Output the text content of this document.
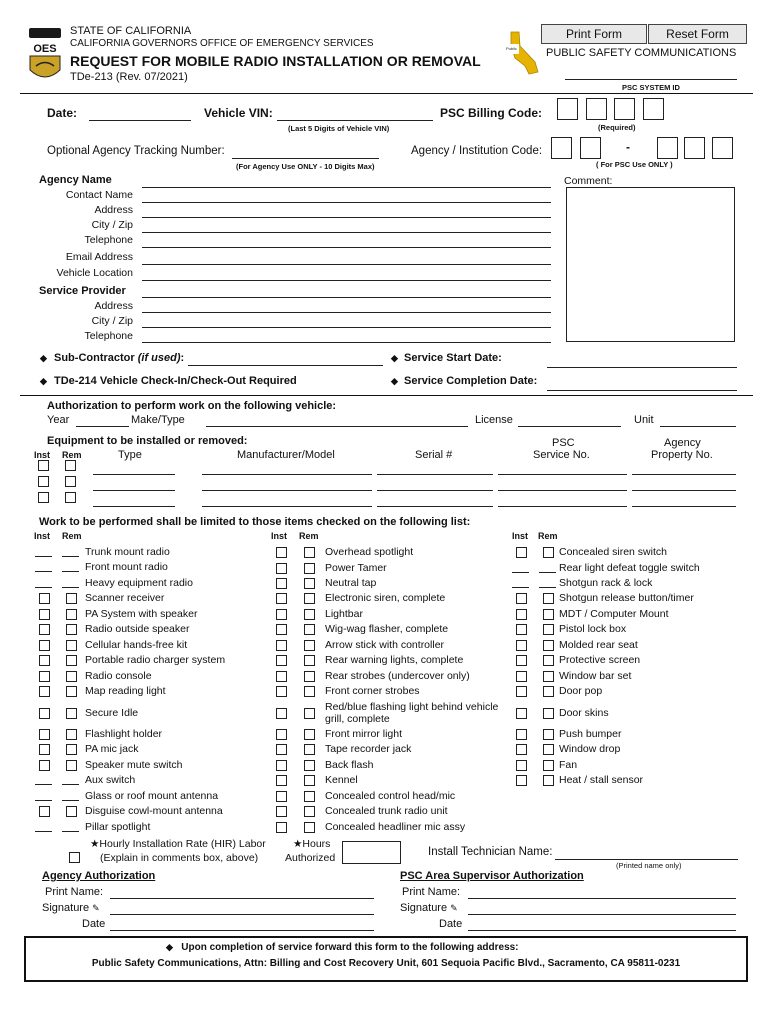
OES
STATE OF CALIFORNIA
CALIFORNIA GOVERNORS OFFICE OF EMERGENCY SERVICES
REQUEST FOR MOBILE RADIO INSTALLATION OR REMOVAL
TDe-213 (Rev. 07/2021)
Public
Print Form	Reset Form
PUBLIC SAFETY COMMUNICATIONS
PSC SYSTEM ID
Date:	Vehicle VIN:
(Last 5 Digits of Vehicle VIN)
PSC Billing Code:
(Required)
Optional Agency Tracking Number:
(For Agency Use ONLY - 10 Digits Max)
Agency / Institution Code:	-
( For PSC Use ONLY )
Agency Name
Contact Name
Address
City / Zip
Telephone
Email Address
Vehicle Location
Service Provider
Address
City / Zip
Telephone
Comment:
◆ Sub-Contractor (if used):	◆ Service Start Date:
◆ TDe-214 Vehicle Check-In/Check-Out Required	◆ Service Completion Date:
Authorization to perform work on the following vehicle:
Year	Make/Type	License	Unit
Equipment to be installed or removed:
Inst Rem	Type	Manufacturer/Model	Serial #
PSC
Service No.
Agency
Property No.
Work to be performed shall be limited to those items checked on the following list:
Inst Rem	Inst Rem	Inst Rem
Trunk mount radio
Front mount radio
Heavy equipment radio
Scanner receiver
PA System with speaker
Radio outside speaker
Cellular hands-free kit
Portable radio charger system
Radio console
Map reading light
Secure Idle
Flashlight holder
PA mic jack
Speaker mute switch
Aux switch
Glass or roof mount antenna
Disguise cowl-mount antenna
Pillar spotlight
Overhead spotlight
Power Tamer
Neutral tap
Electronic siren, complete
Lightbar
Wig-wag flasher, complete
Arrow stick with controller
Rear warning lights, complete
Rear strobes (undercover only)
Front corner strobes
Red/blue flashing light behind vehicle
grill, complete
Front mirror light
Tape recorder jack
Back flash
Kennel
Concealed control head/mic
Concealed trunk radio unit
Concealed headliner mic assy
Concealed siren switch
Rear light defeat toggle switch
Shotgun rack & lock
Shotgun release button/timer
MDT / Computer Mount
Pistol lock box
Molded rear seat
Protective screen
Window bar set
Door pop
Door skins
Push bumper
Window drop
Fan
Heat / stall sensor
★Hourly Installation Rate (HIR) Labor
(Explain in comments box, above)
★Hours
Authorized	Install Technician Name:
(Printed name only)
Agency Authorization
Print Name:
Signature ✎
Date
PSC Area Supervisor Authorization
Print Name:
Signature ✎
Date
◆ Upon completion of service forward this form to the following address:
Public Safety Communications, Attn: Billing and Cost Recovery Unit, 601 Sequoia Pacific Blvd., Sacramento, CA 95811-0231
